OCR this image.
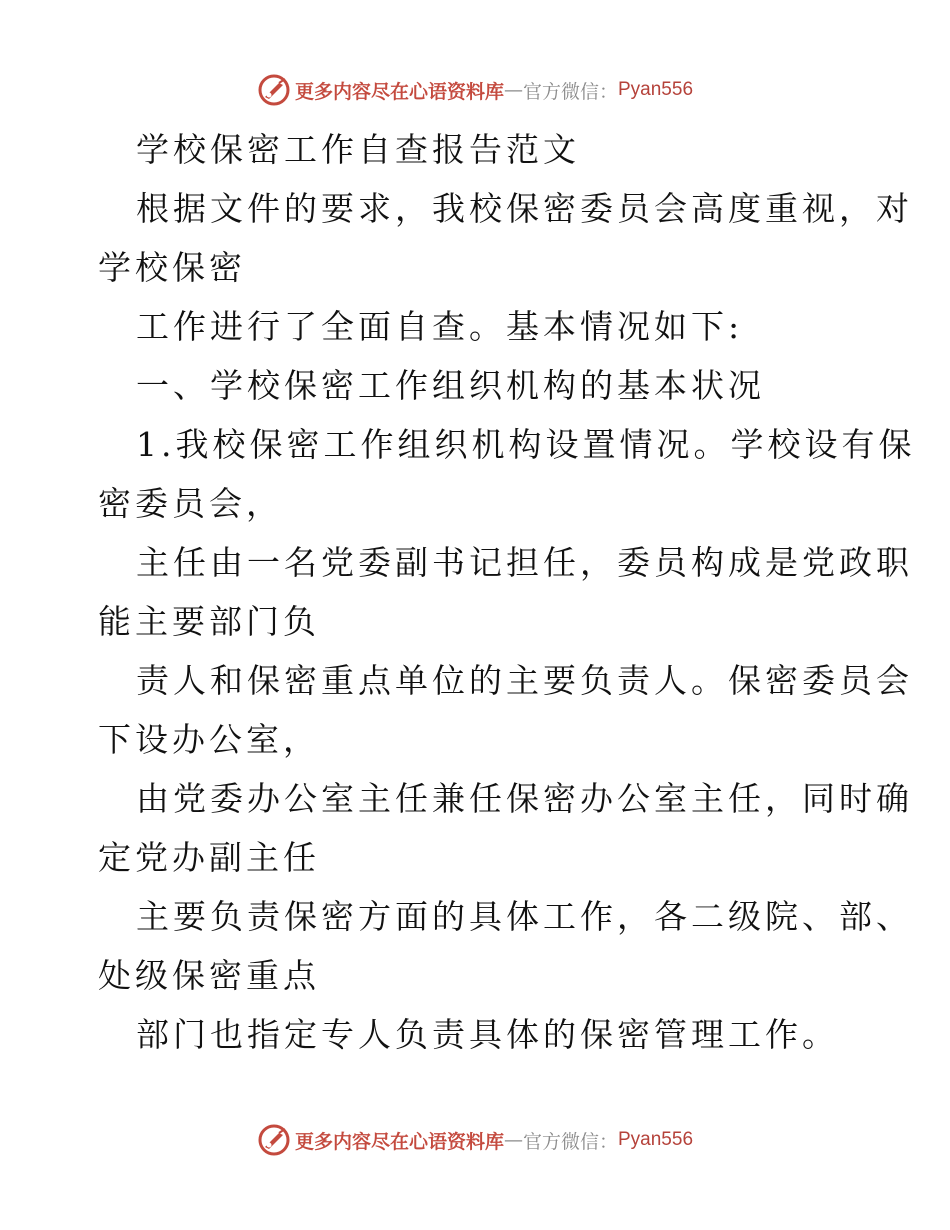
更多内容尽在心语资料库 — 官方微信： Pyan556
学校保密工作自查报告范文
根据文件的要求，我校保密委员会高度重视，对
学校保密
工作进行了全面自查。基本情况如下:
一、学校保密工作组织机构的基本状况
1.我校保密工作组织机构设置情况。学校设有保
密委员会，
主任由一名党委副书记担任，委员构成是党政职
能主要部门负
责人和保密重点单位的主要负责人。保密委员会
下设办公室，
由党委办公室主任兼任保密办公室主任，同时确
定党办副主任
主要负责保密方面的具体工作，各二级院、部、
处级保密重点
部门也指定专人负责具体的保密管理工作。
更多内容尽在心语资料库 — 官方微信： Pyan556
